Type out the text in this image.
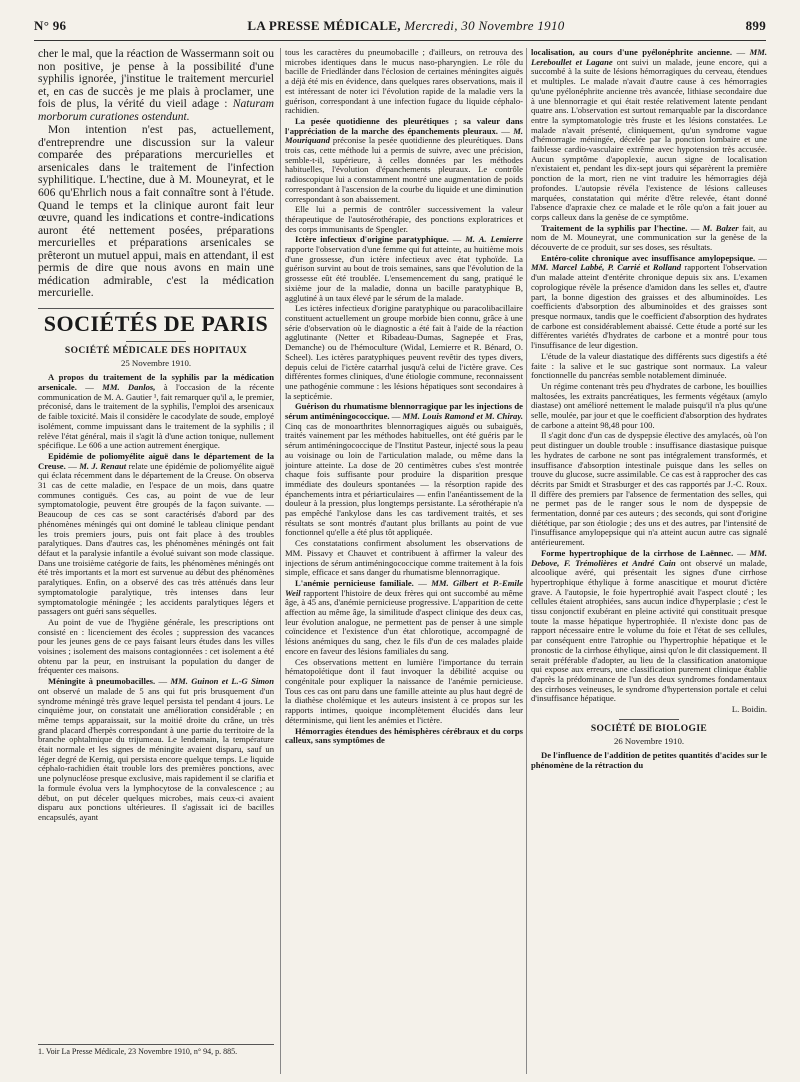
N° 96	LA PRESSE MÉDICALE, Mercredi, 30 Novembre 1910	899

cher le mal, que la réaction de Wassermann soit ou non positive, je pense à la possibilité d'une syphilis ignorée, j'institue le traitement mercuriel et, en cas de succès je me plais à proclamer, une fois de plus, la vérité du vieil adage : Naturam morborum curationes ostendunt.

Mon intention n'est pas, actuellement, d'entreprendre une discussion sur la valeur comparée des préparations mercurielles et arsenicales dans le traitement de l'infection syphilitique. L'hectine, due à M. Mouneyrat, et le 606 qu'Ehrlich nous a fait connaître sont à l'étude. Quand le temps et la clinique auront fait leur œuvre, quand les indications et contre-indications auront été nettement posées, préparations mercurielles et préparations arsenicales se prêteront un mutuel appui, mais en attendant, il est permis de dire que nous avons en main une médication admirable, c'est la médication mercurielle.

SOCIÉTÉS DE PARIS
SOCIÉTÉ MÉDICALE DES HOPITAUX
25 Novembre 1910.

A propos du traitement de la syphilis par la médication arsenicale. — MM. Danlos, à l'occasion de la récente communication de M. A. Gautier ¹, fait remarquer qu'il a, le premier, préconisé, dans le traitement de la syphilis, l'emploi des arsenicaux de faible toxicité. Mais il considère le cacodylate de soude, employé isolément, comme impuissant dans le traitement de la syphilis ; il relève l'état général, mais il s'agit là d'une action tonique, nullement spécifique. Le 606 a une action autrement énergique.

Epidémie de poliomyélite aiguë dans le département de la Creuse. — M. J. Renaut relate une épidémie de poliomyélite aiguë qui éclata récemment dans le département de la Creuse. On observa 31 cas de cette maladie, en l'espace de un mois, dans quatre communes contiguës. Ces cas, au point de vue de leur symptomatologie, peuvent être groupés de la façon suivante. — Beaucoup de ces cas se sont caractérisés d'abord par des phénomènes méningés qui ont dominé le tableau clinique pendant les trois premiers jours, puis ont fait place à des troubles paralytiques. Dans d'autres cas, les phénomènes méningés ont fait défaut et la paralysie infantile a évolué suivant son mode classique. Dans une troisième catégorie de faits, les phénomènes méningés ont été très importants et la mort est survenue au début des phénomènes paralytiques. Enfin, on a observé des cas très atténués dans leur symptomatologie paralytique, très intenses dans leur symptomatologie méningée ; les accidents paralytiques légers et passagers ont guéri sans séquelles.

Au point de vue de l'hygiène générale, les prescriptions ont consisté en : licenciement des écoles ; suppression des vacances pour les jeunes gens de ce pays faisant leurs études dans les villes voisines ; isolement des maisons contagionnées : cet isolement a été obtenu par la peur, en instruisant la population du danger de fréquenter ces maisons.

Méningite à pneumobacilles. — MM. Guinon et L.-G Simon ont observé un malade de 5 ans qui fut pris brusquement d'un syndrome méningé très grave lequel persista tel pendant 4 jours. Le cinquième jour, on constatait une amélioration considérable ; en même temps apparaissait, sur la moitié droite du crâne, un très grand placard d'herpès correspondant à une partie du territoire de la branche ophtalmique du trijumeau. Le lendemain, la température était normale et les signes de méningite avaient disparu, sauf un léger degré de Kernig, qui persista encore quelque temps. Le liquide céphalo-rachidien était trouble lors des premières ponctions, avec une polynucléose presque exclusive, mais rapidement il se clarifia et la formule évolua vers la lymphocytose de la convalescence ; au début, on put déceler quelques microbes, mais ceux-ci avaient disparu aux ponctions ultérieures. Il s'agissait ici de bacilles encapsulés, ayant

1. Voir La Presse Médicale, 23 Novembre 1910, n° 94, p. 885.

tous les caractères du pneumobacille ; d'ailleurs, on retrouva des microbes identiques dans le mucus naso-pharyngien. Le rôle du bacille de Friedländer dans l'éclosion de certaines méningites aiguës a déjà été mis en évidence, dans quelques rares observations, mais il est intéressant de noter ici l'évolution rapide de la maladie vers la guérison, correspondant à une infection fugace du liquide céphalo-rachidien.

La pesée quotidienne des pleurétiques ; sa valeur dans l'appréciation de la marche des épanchements pleuraux. — M. Mouriquand préconise la pesée quotidienne des pleurétiques. Dans trois cas, cette méthode lui a permis de suivre, avec une précision, semble-t-il, supérieure, à celles données par les méthodes habituelles, l'évolution d'épanchements pleuraux. Le contrôle radioscopique lui a constamment montré une augmentation de poids correspondant à l'ascension de la courbe du liquide et une diminution correspondant à son abaissement.

Elle lui a permis de contrôler successivement la valeur thérapeutique de l'autosérothérapie, des ponctions exploratrices et des corps immunisants de Spengler.

Ictère infectieux d'origine paratyphique. — M. A. Lemierre rapporte l'observation d'une femme qui fut atteinte, au huitième mois d'une grossesse, d'un ictère infectieux avec état typhoïde. La guérison survint au bout de trois semaines, sans que l'évolution de la grossesse eût été troublée. L'ensemencement du sang, pratiqué le sixième jour de la maladie, donna un bacille paratyphique B, agglutiné à un taux élevé par le sérum de la malade.

Les ictères infectieux d'origine paratyphique ou paracolibacillaire constituent actuellement un groupe morbide bien connu, grâce à une série d'observation où le diagnostic a été fait à l'aide de la réaction agglutinante (Netter et Ribadeau-Dumas, Sagnepée et Fras, Demanche) ou de l'hémoculture (Widal, Lemierre et R. Bénard, O. Scheel). Les ictères paratyphiques peuvent revêtir des types divers, depuis celui de l'ictère catarrhal jusqu'à celui de l'ictère grave. Ces différentes formes cliniques, d'une étiologie commune, reconnaissent une pathogénie commune : les lésions hépatiques sont secondaires à la septicémie.

Guérison du rhumatisme blennorragique par les injections de sérum antiméningococcique. — MM. Louis Ramond et M. Chiray. Cinq cas de monoarthrites blennorragiques aiguës ou subaiguës, traités vainement par les méthodes habituelles, ont été guéris par le sérum antiméningococcique de l'Institut Pasteur, injecté sous la peau au voisinage ou loin de l'articulation malade, ou même dans la jointure atteinte. La dose de 20 centimètres cubes s'est montrée chaque fois suffisante pour produire la disparition presque immédiate des douleurs spontanées — la résorption rapide des épanchements intra et périarticulaires — enfin l'anéantissement de la douleur à la pression, plus longtemps persistante. La sérothérapie n'a pas empêché l'ankylose dans les cas tardivement traités, et ses résultats se sont montrés d'autant plus brillants au point de vue fonctionnel qu'elle a été plus tôt appliquée.

Ces constatations confirment absolument les observations de MM. Pissavy et Chauvet et contribuent à affirmer la valeur des injections de sérum antiméningococcique comme traitement à la fois simple, efficace et sans danger du rhumatisme blennorragique.

L'anémie pernicieuse familiale. — MM. Gilbert et P.-Emile Weil rapportent l'histoire de deux frères qui ont succombé au même âge, à 45 ans, d'anémie pernicieuse progressive. L'apparition de cette affection au même âge, la similitude d'aspect clinique des deux cas, leur évolution analogue, ne permettent pas de penser à une simple coïncidence et l'existence d'un état chlorotique, accompagné de lésions anémiques du sang, chez le fils d'un de ces malades plaide encore en faveur des lésions familiales du sang.

Ces observations mettent en lumière l'importance du terrain hématopoïétique dont il faut invoquer la débilité acquise ou congénitale pour expliquer la naissance de l'anémie pernicieuse. Tous ces cas ont paru dans une famille atteinte au plus haut degré de la diathèse cholémique et les auteurs insistent à ce propos sur les rapports intimes, quoique incomplètement élucidés dans leur déterminisme, qui lient les anémies et l'ictère.

Hémorragies étendues des hémisphères cérébraux et du corps calleux, sans symptômes de

localisation, au cours d'une pyélonéphrite ancienne. — MM. Lereboullet et Lagane ont suivi un malade, jeune encore, qui a succombé à la suite de lésions hémorragiques du cerveau, étendues et multiples. Le malade n'avait d'autre cause à ces hémorragies qu'une pyélonéphrite ancienne très avancée, lithiase secondaire due à une blennorragie et qui était restée relativement latente pendant quatre ans. L'observation est surtout remarquable par la discordance entre la symptomatologie très fruste et les lésions constatées. Le malade n'avait présenté, cliniquement, qu'un syndrome vague d'hémorragie méningée, décelée par la ponction lombaire et une faiblesse cardio-vasculaire extrême avec hypotension très accusée. Aucun symptôme d'apoplexie, aucun signe de localisation n'existaient et, pendant les dix-sept jours qui séparèrent la première ponction de la mort, rien ne vint traduire les hémorragies déjà profondes. L'autopsie révéla l'existence de lésions calleuses marquées, constatation qui mérite d'être relevée, étant donné l'absence d'apraxie chez ce malade et le rôle qu'on a fait jouer au corps calleux dans la genèse de ce symptôme.

Traitement de la syphilis par l'hectine. — M. Balzer fait, au nom de M. Mouneyrat, une communication sur la genèse de la découverte de ce produit, sur ses doses, ses résultats.

Entéro-colite chronique avec insuffisance amylopepsique. — MM. Marcel Labbé, P. Carrié et Rolland rapportent l'observation d'un malade atteint d'entérite chronique depuis six ans. L'examen coprologique révèle la présence d'amidon dans les selles et, d'autre part, la bonne digestion des graisses et des albuminoïdes. Les coefficients d'absorption des albuminoïdes et des graisses sont presque normaux, tandis que le coefficient d'absorption des hydrates de carbone est considérablement abaissé. Cette étude a porté sur les différentes variétés d'hydrates de carbone et a montré pour tous l'insuffisance de leur digestion.

L'étude de la valeur diastatique des différents sucs digestifs a été faite : la salive et le suc gastrique sont normaux. La valeur fonctionnelle du pancréas semble notablement diminuée.

Un régime contenant très peu d'hydrates de carbone, les bouillies maltosées, les extraits pancréatiques, les ferments végétaux (amylo diastase) ont amélioré nettement le malade puisqu'il n'a plus qu'une selle, moulée, par jour et que le coefficient d'absorption des hydrates de carbone a atteint 98,48 pour 100.

Il s'agit donc d'un cas de dyspepsie élective des amylacés, où l'on peut distinguer un double trouble : insuffisance diastasique puisque les hydrates de carbone ne sont pas intégralement transformés, et insuffisance d'absorption intestinale puisque dans les selles on trouve du glucose, sucre assimilable. Ce cas est à rapprocher des cas décrits par Smidt et Strasburger et des cas rapportés par J.-C. Roux. Il diffère des premiers par l'absence de fermentation des selles, qui ne permet pas de le ranger sous le nom de dyspepsie de fermentation, donné par ces auteurs ; des seconds, qui sont d'origine diététique, par son étiologie ; des uns et des autres, par l'intensité de l'insuffisance amylopepsique qui n'a atteint aucun autre cas signalé antérieurement.

Forme hypertrophique de la cirrhose de Laënnec. — MM. Debove, F. Trémolières et André Cain ont observé un malade, alcoolique avéré, qui présentait les signes d'une cirrhose hypertrophique éthylique à forme anascitique et mourut d'ictère grave. A l'autopsie, le foie hypertrophié avait l'aspect clouté ; les cellules étaient atrophiées, sans aucun indice d'hyperplasie ; c'est le tissu conjonctif exubérant en pleine activité qui constituait presque toute la masse hépatique hypertrophiée. Il n'existe donc pas de rapport nécessaire entre le volume du foie et l'état de ses cellules, par conséquent entre l'atrophie ou l'hypertrophie hépatique et le pronostic de la cirrhose éthylique, ainsi qu'on le dit classiquement. Il serait préférable d'adopter, au lieu de la classification anatomique qui expose aux erreurs, une classification purement clinique établie d'après la prédominance de l'un des deux syndromes fondamentaux des cirrhoses veineuses, le syndrome d'hypertension portale et celui d'insuffisance hépatique.

L. Boidin.

SOCIÉTÉ DE BIOLOGIE
26 Novembre 1910.

De l'influence de l'addition de petites quantités d'acides sur le phénomène de la rétraction du
